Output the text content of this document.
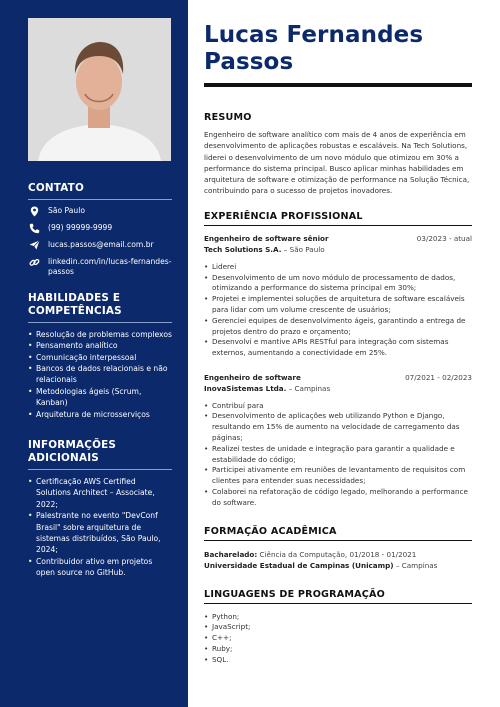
CONTATO
São Paulo
(99) 99999-9999
lucas.passos@email.com.br
linkedin.com/in/lucas-fernandes-
passos
HABILIDADES E
COMPETÊNCIAS
• Resolução de problemas complexos
• Pensamento analítico
• Comunicação interpessoal
• Bancos de dados relacionais e não relacionais
• Metodologias ágeis (Scrum, Kanban)
• Arquitetura de microsserviços
INFORMAÇÕES ADICIONAIS
• Certificação AWS Certified Solutions Architect – Associate, 2022;
• Palestrante no evento "DevConf Brasil" sobre arquitetura de sistemas distribuídos, São Paulo, 2024;
• Contribuidor ativo em projetos open source no GitHub.
Lucas Fernandes
Passos
RESUMO

Engenheiro de software analítico com mais de 4 anos de experiência em desenvolvimento de aplicações robustas e escaláveis. Na Tech Solutions, liderei o desenvolvimento de um novo módulo que otimizou em 30% a performance do sistema principal. Busco aplicar minhas habilidades em arquitetura de software e otimização de performance na Solução Técnica, contribuindo para o sucesso de projetos inovadores.

EXPERIÊNCIA PROFISSIONAL
Engenheiro de software sênior	03/2023 - atual
Tech Solutions S.A. – São Paulo
• Liderei
• Desenvolvimento de um novo módulo de processamento de dados, otimizando a performance do sistema principal em 30%;
• Projetei e implementei soluções de arquitetura de software escaláveis para lidar com um volume crescente de usuários;
• Gerenciei equipes de desenvolvimento ágeis, garantindo a entrega de projetos dentro do prazo e orçamento;
• Desenvolvi e mantive APIs RESTful para integração com sistemas externos, aumentando a conectividade em 25%.
Engenheiro de software	07/2021 - 02/2023
InovaSistemas Ltda. – Campinas
• Contribuí para
• Desenvolvimento de aplicações web utilizando Python e Django, resultando em 15% de aumento na velocidade de carregamento das páginas;
• Realizei testes de unidade e integração para garantir a qualidade e estabilidade do código;
• Participei ativamente em reuniões de levantamento de requisitos com clientes para entender suas necessidades;
• Colaborei na refatoração de código legado, melhorando a performance do software.
FORMAÇÃO ACADÊMICA
Bacharelado: Ciência da Computação, 01/2018 - 01/2021
Universidade Estadual de Campinas (Unicamp) – Campinas
LINGUAGENS DE PROGRAMAÇÃO
• Python;
• JavaScript;
• C++;
• Ruby;
• SQL.
